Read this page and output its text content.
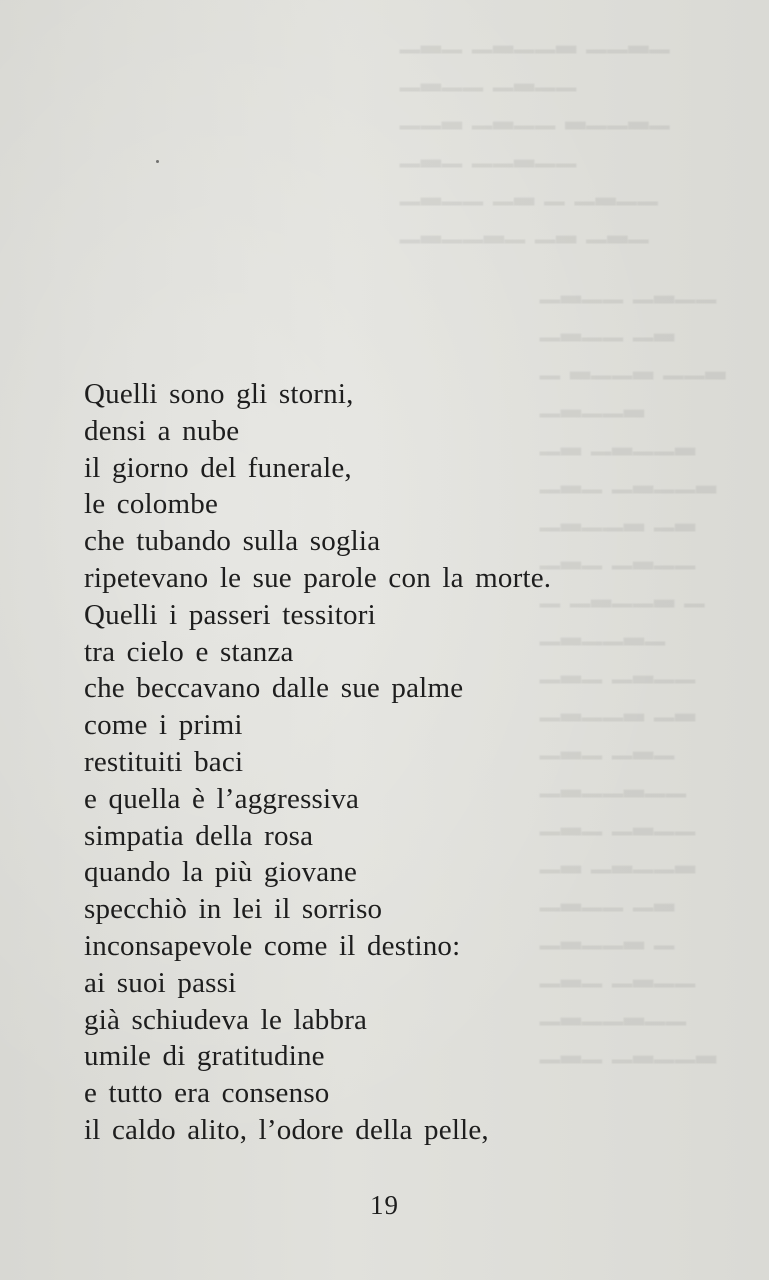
▁▂▁ ▁▂▁▁▂ ▁▁▂▁
▁▂▁▁ ▁▂▁▁
▁▁▂ ▁▂▁▁ ▂▁▁▂▁
▁▂▁ ▁▁▂▁▁
▁▂▁▁ ▁▂ ▁ ▁▂▁▁
▁▂▁▁▂▁ ▁▂ ▁▂▁
▁▂▁▁ ▁▂▁▁
▁▂▁▁ ▁▂
▁ ▂▁▁▂ ▁▁▂
▁▂▁▁▂
▁▂ ▁▂▁▁▂
▁▂▁ ▁▂▁▁▂
▁▂▁▁▂ ▁▂
▁▂▁ ▁▂▁▁
▁ ▁▂▁▁▂ ▁
▁▂▁▁▂▁
▁▂▁ ▁▂▁▁
▁▂▁▁▂ ▁▂
▁▂▁ ▁▂▁
▁▂▁▁▂▁▁
▁▂▁ ▁▂▁▁
▁▂ ▁▂▁▁▂
▁▂▁▁ ▁▂
▁▂▁▁▂ ▁
▁▂▁ ▁▂▁▁
▁▂▁▁▂▁▁
▁▂▁ ▁▂▁▁▂
Quelli sono gli storni,
densi a nube
il giorno del funerale,
le colombe
che tubando sulla soglia
ripetevano le sue parole con la morte.
Quelli i passeri tessitori
tra cielo e stanza
che beccavano dalle sue palme
come i primi
restituiti baci
e quella è l’aggressiva
simpatia della rosa
quando la più giovane
specchiò in lei il sorriso
inconsapevole come il destino:
ai suoi passi
già schiudeva le labbra
umile di gratitudine
e tutto era consenso
il caldo alito, l’odore della pelle,
19
